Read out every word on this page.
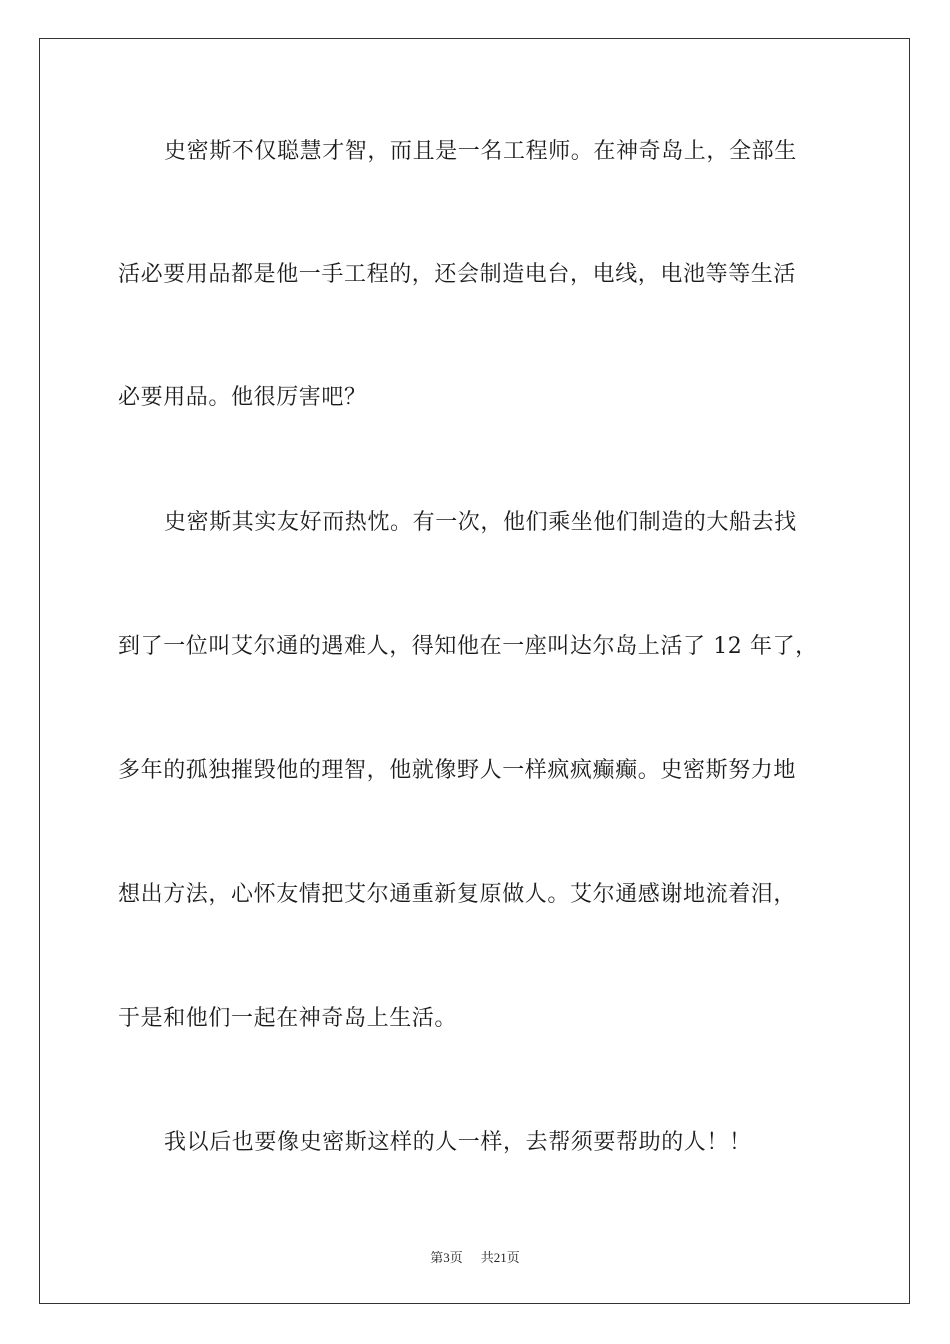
史密斯不仅聪慧才智，而且是一名工程师。在神奇岛上，全部生
活必要用品都是他一手工程的，还会制造电台，电线，电池等等生活
必要用品。他很厉害吧？
史密斯其实友好而热忱。有一次，他们乘坐他们制造的大船去找
到了一位叫艾尔通的遇难人，得知他在一座叫达尔岛上活了 12 年了，
多年的孤独摧毁他的理智，他就像野人一样疯疯癫癫。史密斯努力地
想出方法，心怀友情把艾尔通重新复原做人。艾尔通感谢地流着泪，
于是和他们一起在神奇岛上生活。
我以后也要像史密斯这样的人一样，去帮须要帮助的人！！
第3页 共21页
